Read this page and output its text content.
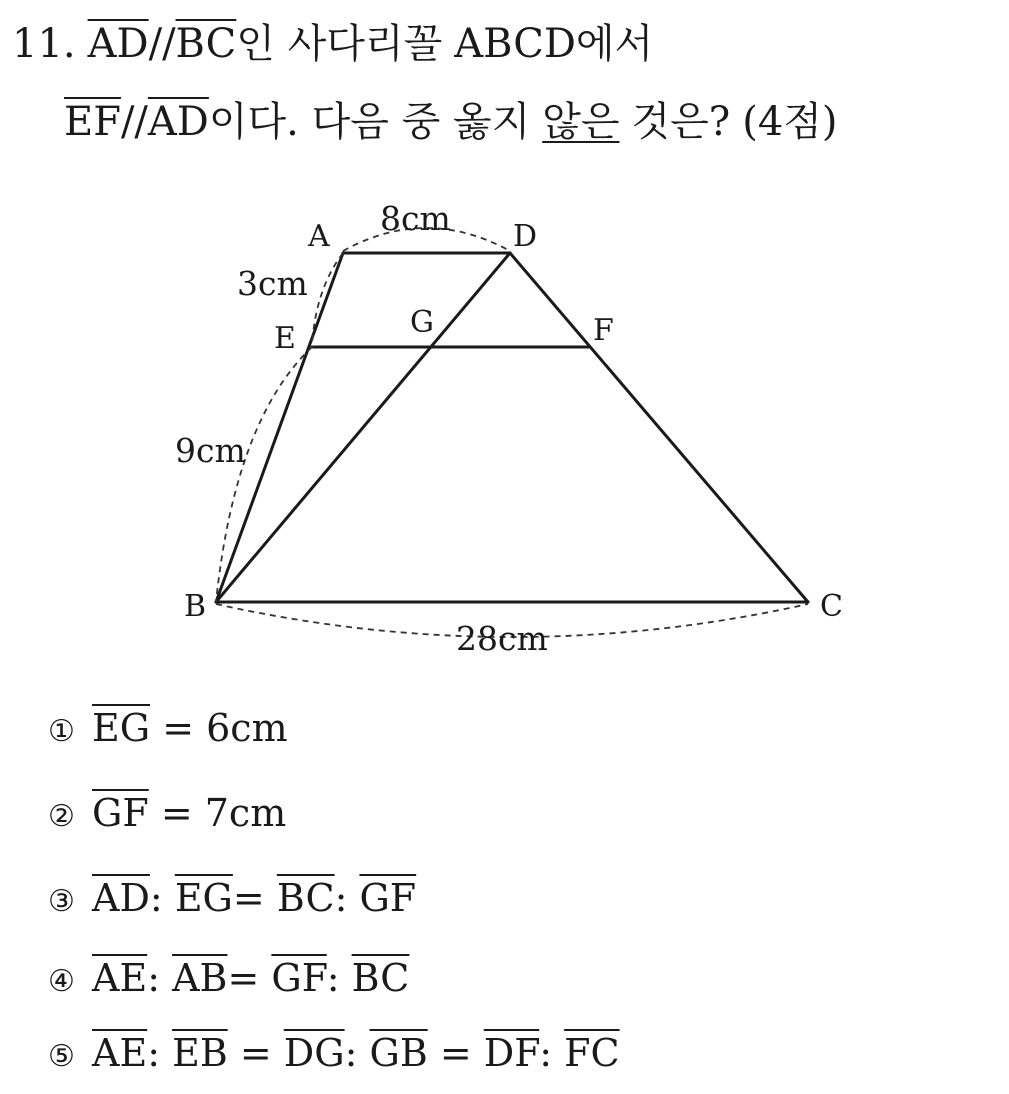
11. $\overline{AD}//\overline{BC}$인 사다리꼴 ABCD에서
$\overline{EF}//\overline{AD}$이다. 다음 중 옳지 않은 것은? (4점)
A	D
E	G	F
B	C
8cm
3cm
9cm
28cm
① $\overline{EG} = 6cm$
② $\overline{GF} = 7cm$
③ $\overline{AD}$: $\overline{EG}= \overline{BC}$: $\overline{GF}$
④ $\overline{AE}$: $\overline{AB}= \overline{GF}$: $\overline{BC}$
⑤ $\overline{AE}$: $\overline{EB} = \overline{DG}$: $\overline{GB} = \overline{DF}$: $\overline{FC}$
